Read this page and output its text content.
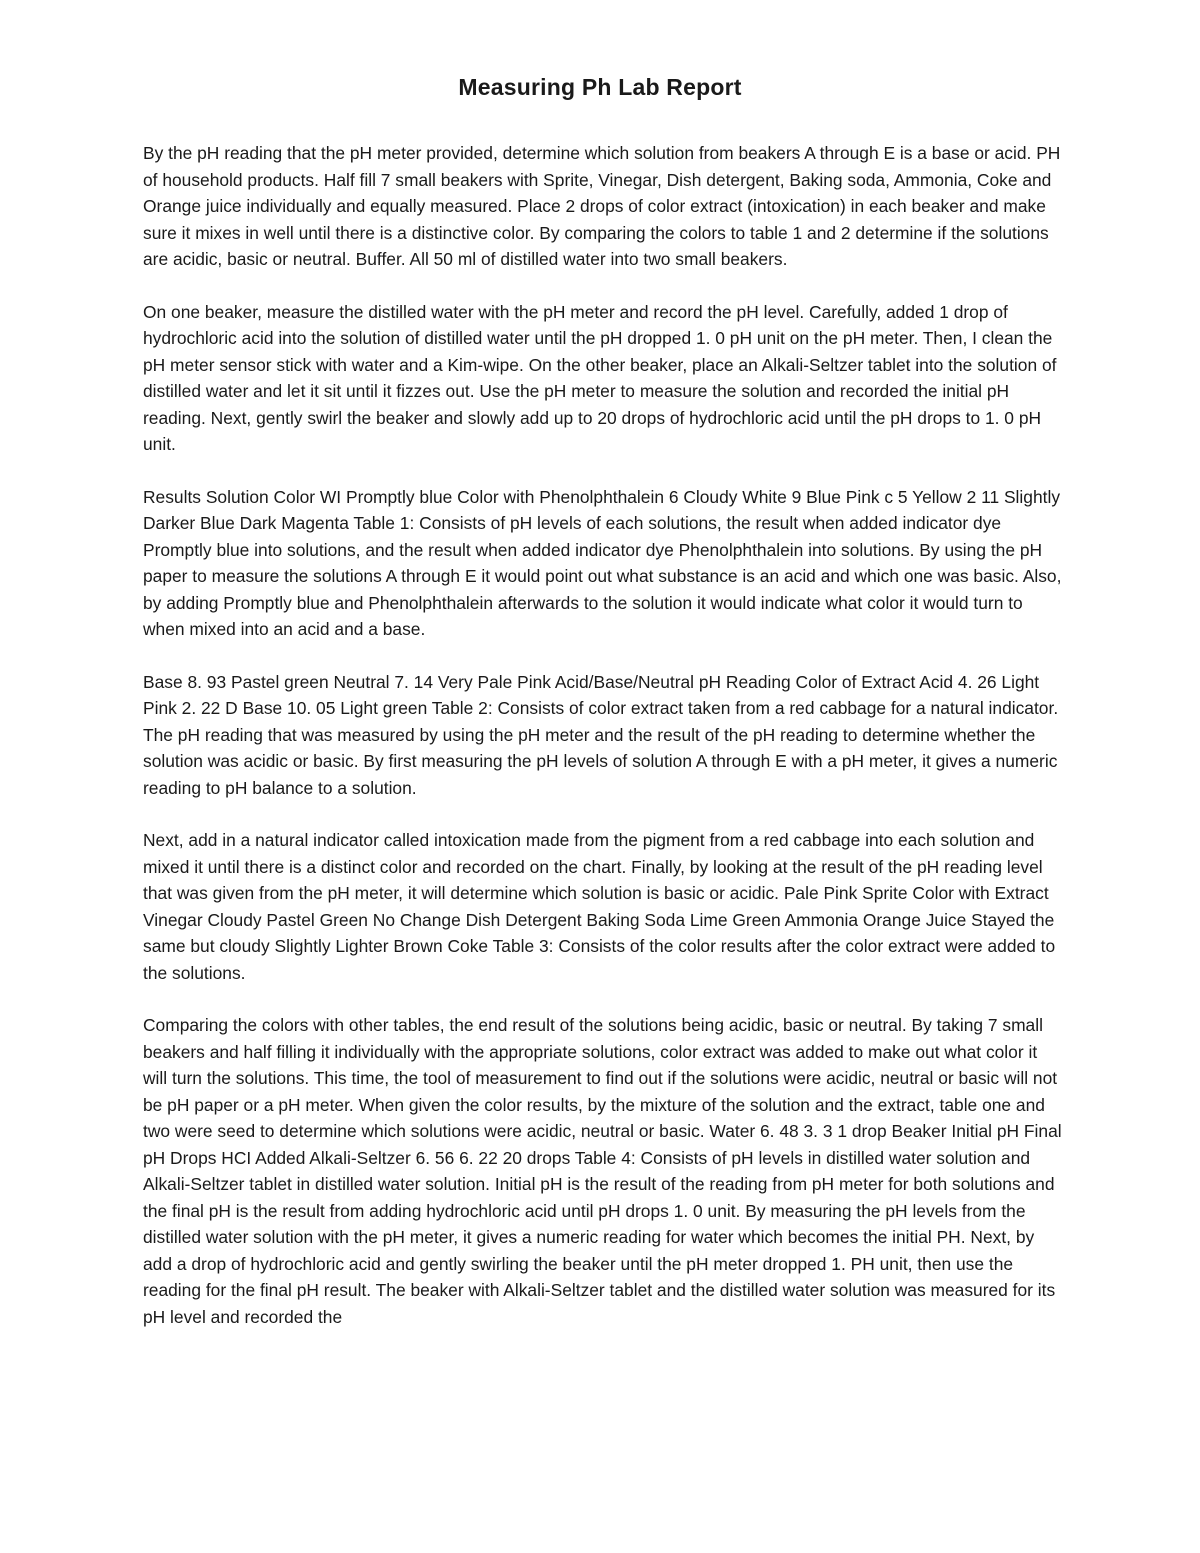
Measuring Ph Lab Report

By the pH reading that the pH meter provided, determine which solution from beakers A through E is a base or acid. PH of household products. Half fill 7 small beakers with Sprite, Vinegar, Dish detergent, Baking soda, Ammonia, Coke and Orange juice individually and equally measured. Place 2 drops of color extract (intoxication) in each beaker and make sure it mixes in well until there is a distinctive color. By comparing the colors to table 1 and 2 determine if the solutions are acidic, basic or neutral. Buffer. All 50 ml of distilled water into two small beakers.

On one beaker, measure the distilled water with the pH meter and record the pH level. Carefully, added 1 drop of hydrochloric acid into the solution of distilled water until the pH dropped 1. 0 pH unit on the pH meter. Then, I clean the pH meter sensor stick with water and a Kim-wipe. On the other beaker, place an Alkali-Seltzer tablet into the solution of distilled water and let it sit until it fizzes out. Use the pH meter to measure the solution and recorded the initial pH reading. Next, gently swirl the beaker and slowly add up to 20 drops of hydrochloric acid until the pH drops to 1. 0 pH unit.

Results Solution Color WI Promptly blue Color with Phenolphthalein 6 Cloudy White 9 Blue Pink c 5 Yellow 2 11 Slightly Darker Blue Dark Magenta Table 1: Consists of pH levels of each solutions, the result when added indicator dye Promptly blue into solutions, and the result when added indicator dye Phenolphthalein into solutions. By using the pH paper to measure the solutions A through E it would point out what substance is an acid and which one was basic. Also, by adding Promptly blue and Phenolphthalein afterwards to the solution it would indicate what color it would turn to when mixed into an acid and a base.

Base 8. 93 Pastel green Neutral 7. 14 Very Pale Pink Acid/Base/Neutral pH Reading Color of Extract Acid 4. 26 Light Pink 2. 22 D Base 10. 05 Light green Table 2: Consists of color extract taken from a red cabbage for a natural indicator. The pH reading that was measured by using the pH meter and the result of the pH reading to determine whether the solution was acidic or basic. By first measuring the pH levels of solution A through E with a pH meter, it gives a numeric reading to pH balance to a solution.

Next, add in a natural indicator called intoxication made from the pigment from a red cabbage into each solution and mixed it until there is a distinct color and recorded on the chart. Finally, by looking at the result of the pH reading level that was given from the pH meter, it will determine which solution is basic or acidic. Pale Pink Sprite Color with Extract Vinegar Cloudy Pastel Green No Change Dish Detergent Baking Soda Lime Green Ammonia Orange Juice Stayed the same but cloudy Slightly Lighter Brown Coke Table 3: Consists of the color results after the color extract were added to the solutions.

Comparing the colors with other tables, the end result of the solutions being acidic, basic or neutral. By taking 7 small beakers and half filling it individually with the appropriate solutions, color extract was added to make out what color it will turn the solutions. This time, the tool of measurement to find out if the solutions were acidic, neutral or basic will not be pH paper or a pH meter. When given the color results, by the mixture of the solution and the extract, table one and two were seed to determine which solutions were acidic, neutral or basic. Water 6. 48 3. 3 1 drop Beaker Initial pH Final pH Drops HCI Added Alkali-Seltzer 6. 56 6. 22 20 drops Table 4: Consists of pH levels in distilled water solution and Alkali-Seltzer tablet in distilled water solution. Initial pH is the result of the reading from pH meter for both solutions and the final pH is the result from adding hydrochloric acid until pH drops 1. 0 unit. By measuring the pH levels from the distilled water solution with the pH meter, it gives a numeric reading for water which becomes the initial PH. Next, by add a drop of hydrochloric acid and gently swirling the beaker until the pH meter dropped 1. PH unit, then use the reading for the final pH result. The beaker with Alkali-Seltzer tablet and the distilled water solution was measured for its pH level and recorded the
